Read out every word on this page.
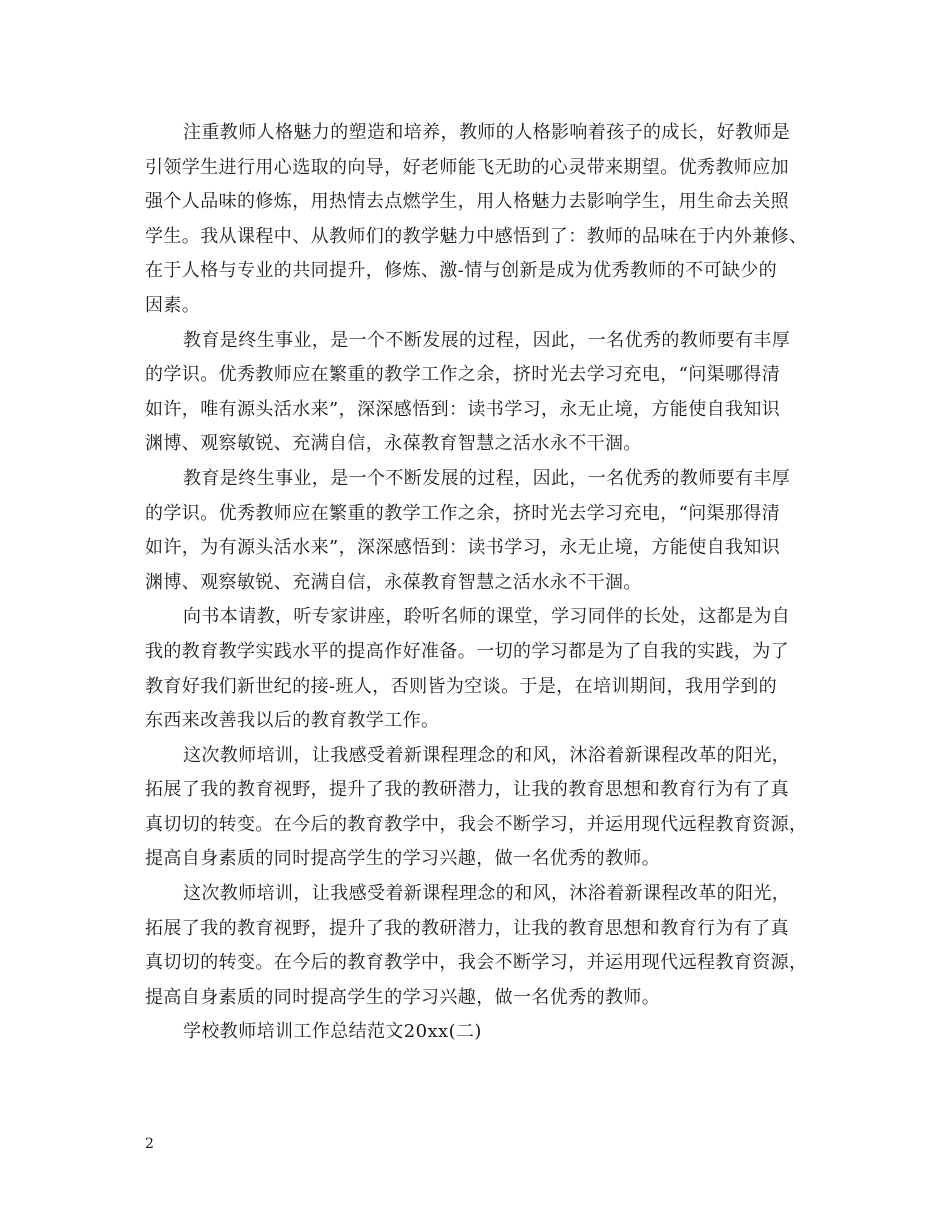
注重教师人格魅力的塑造和培养，教师的人格影响着孩子的成长，好教师是
引领学生进行用心选取的向导，好老师能飞无助的心灵带来期望。优秀教师应加
强个人品味的修炼，用热情去点燃学生，用人格魅力去影响学生，用生命去关照
学生。我从课程中、从教师们的教学魅力中感悟到了：教师的品味在于内外兼修、
在于人格与专业的共同提升，修炼、激-情与创新是成为优秀教师的不可缺少的
因素。
教育是终生事业，是一个不断发展的过程，因此，一名优秀的教师要有丰厚
的学识。优秀教师应在繁重的教学工作之余，挤时光去学习充电，“问渠哪得清
如许，唯有源头活水来”，深深感悟到：读书学习，永无止境，方能使自我知识
渊博、观察敏锐、充满自信，永葆教育智慧之活水永不干涸。
教育是终生事业，是一个不断发展的过程，因此，一名优秀的教师要有丰厚
的学识。优秀教师应在繁重的教学工作之余，挤时光去学习充电，“问渠那得清
如许，为有源头活水来”，深深感悟到：读书学习，永无止境，方能使自我知识
渊博、观察敏锐、充满自信，永葆教育智慧之活水永不干涸。
向书本请教，听专家讲座，聆听名师的课堂，学习同伴的长处，这都是为自
我的教育教学实践水平的提高作好准备。一切的学习都是为了自我的实践，为了
教育好我们新世纪的接-班人，否则皆为空谈。于是，在培训期间，我用学到的
东西来改善我以后的教育教学工作。
这次教师培训，让我感受着新课程理念的和风，沐浴着新课程改革的阳光，
拓展了我的教育视野，提升了我的教研潜力，让我的教育思想和教育行为有了真
真切切的转变。在今后的教育教学中，我会不断学习，并运用现代远程教育资源，
提高自身素质的同时提高学生的学习兴趣，做一名优秀的教师。
这次教师培训，让我感受着新课程理念的和风，沐浴着新课程改革的阳光，
拓展了我的教育视野，提升了我的教研潜力，让我的教育思想和教育行为有了真
真切切的转变。在今后的教育教学中，我会不断学习，并运用现代远程教育资源，
提高自身素质的同时提高学生的学习兴趣，做一名优秀的教师。
学校教师培训工作总结范文20xx(二)
2
